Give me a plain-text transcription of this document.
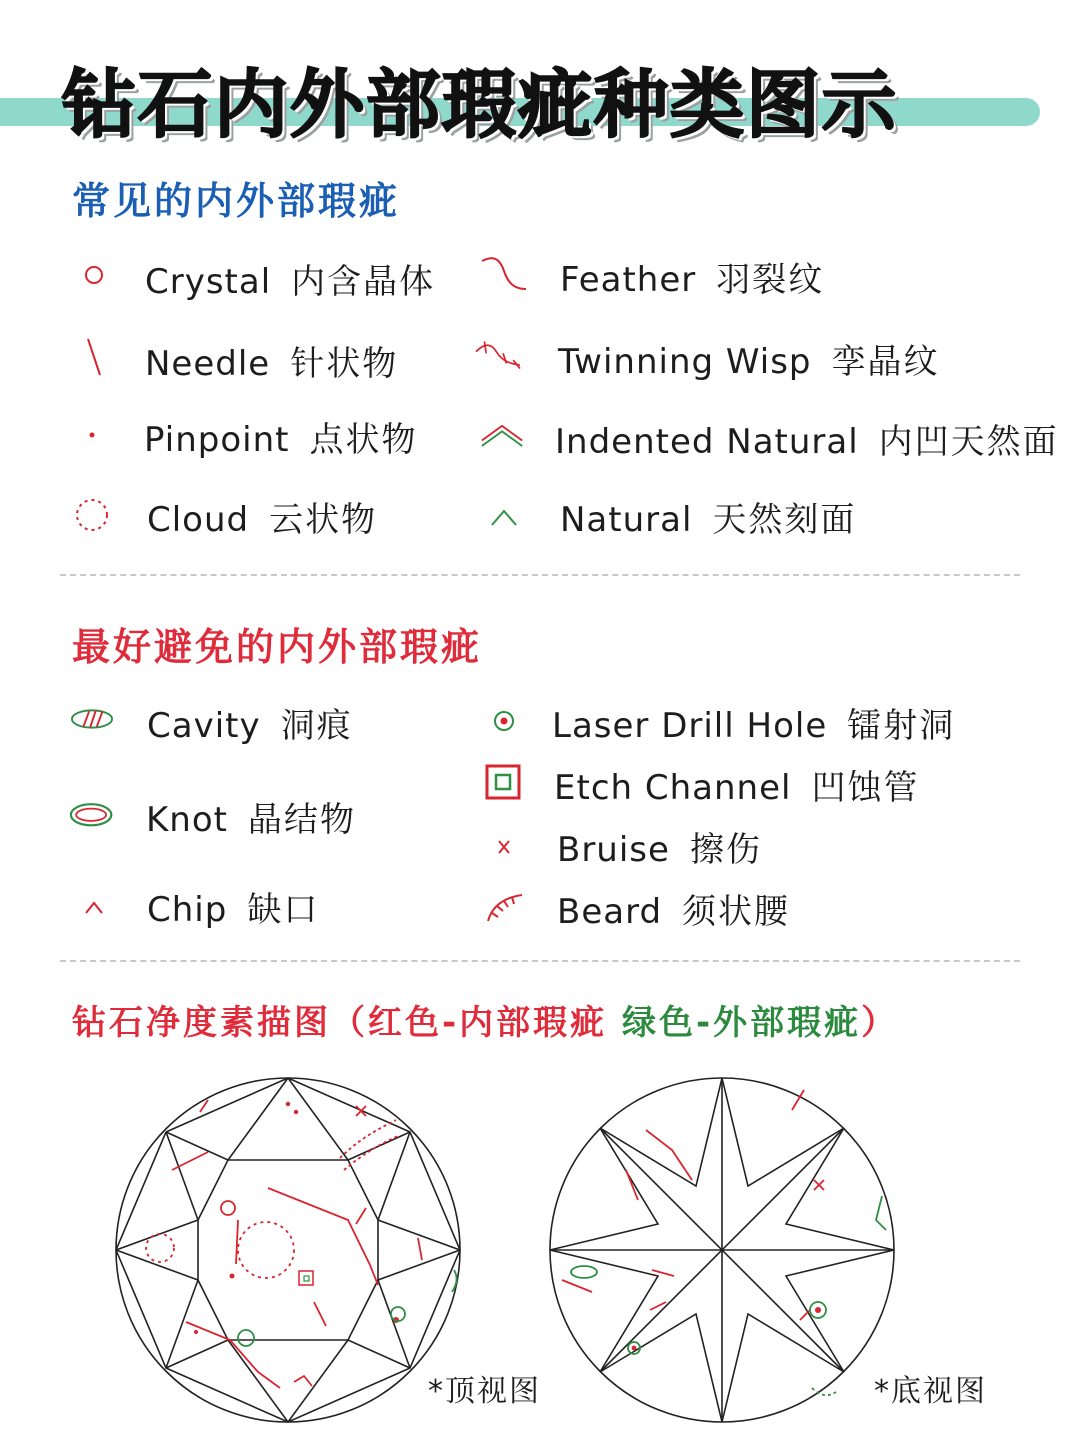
钻石内外部瑕疵种类图示
常见的内外部瑕疵
Crystal 内含晶体
Needle 针状物
Pinpoint 点状物
Cloud 云状物
Feather 羽裂纹
Twinning Wisp 孪晶纹
Indented Natural 内凹天然面
Natural 天然刻面
最好避免的内外部瑕疵
Cavity 洞痕
Knot 晶结物
Chip 缺口
Laser Drill Hole 镭射洞
Etch Channel 凹蚀管
Bruise 擦伤
Beard 须状腰
钻石净度素描图（红色-内部瑕疵 绿色-外部瑕疵）
*顶视图	*底视图
